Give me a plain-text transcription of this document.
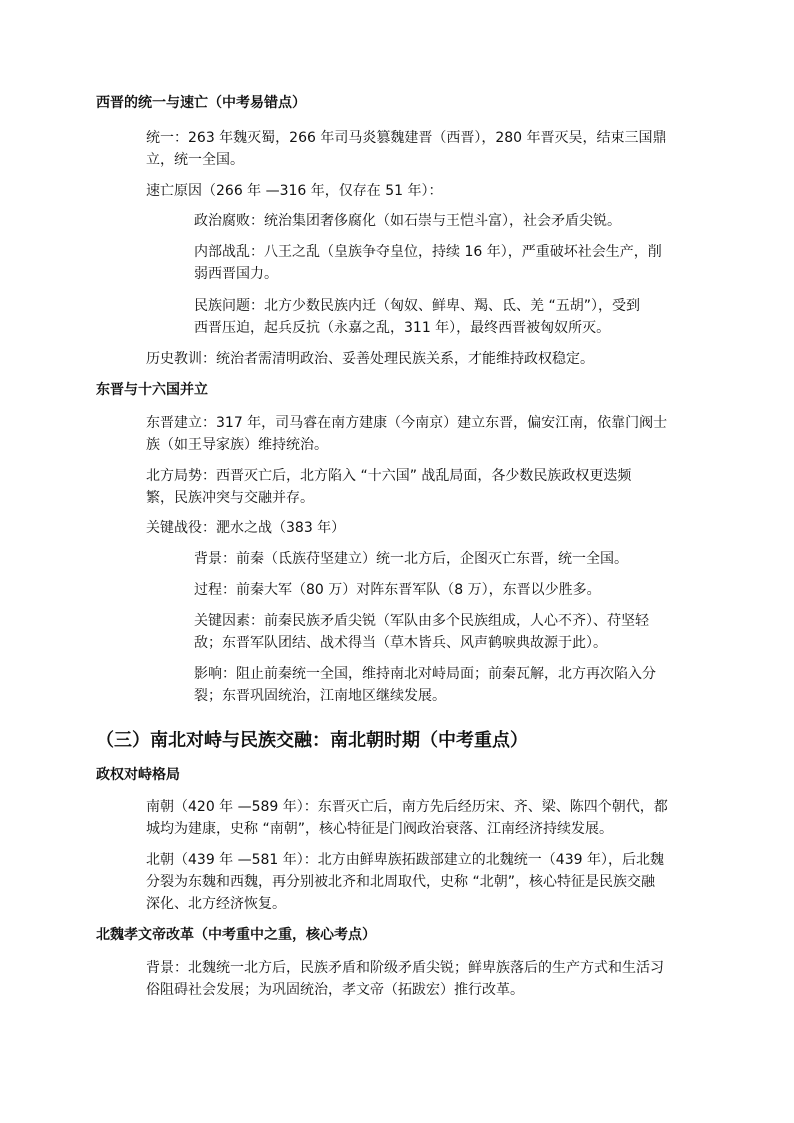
西晋的统一与速亡（中考易错点）
统一：263 年魏灭蜀，266 年司马炎篡魏建晋（西晋），280 年晋灭吴，结束三国鼎
立，统一全国。
速亡原因（266 年 —316 年，仅存在 51 年）：
政治腐败：统治集团奢侈腐化（如石崇与王恺斗富），社会矛盾尖锐。
内部战乱：八王之乱（皇族争夺皇位，持续 16 年），严重破坏社会生产，削
弱西晋国力。
民族问题：北方少数民族内迁（匈奴、鲜卑、羯、氐、羌 “五胡”），受到
西晋压迫，起兵反抗（永嘉之乱，311 年），最终西晋被匈奴所灭。
历史教训：统治者需清明政治、妥善处理民族关系，才能维持政权稳定。
东晋与十六国并立
东晋建立：317 年，司马睿在南方建康（今南京）建立东晋，偏安江南，依靠门阀士
族（如王导家族）维持统治。
北方局势：西晋灭亡后，北方陷入 “十六国” 战乱局面，各少数民族政权更迭频
繁，民族冲突与交融并存。
关键战役：淝水之战（383 年）
背景：前秦（氐族苻坚建立）统一北方后，企图灭亡东晋，统一全国。
过程：前秦大军（80 万）对阵东晋军队（8 万），东晋以少胜多。
关键因素：前秦民族矛盾尖锐（军队由多个民族组成，人心不齐）、苻坚轻
敌；东晋军队团结、战术得当（草木皆兵、风声鹤唳典故源于此）。
影响：阻止前秦统一全国，维持南北对峙局面；前秦瓦解，北方再次陷入分
裂；东晋巩固统治，江南地区继续发展。
（三）南北对峙与民族交融：南北朝时期（中考重点）
政权对峙格局
南朝（420 年 —589 年）：东晋灭亡后，南方先后经历宋、齐、梁、陈四个朝代，都
城均为建康，史称 “南朝”，核心特征是门阀政治衰落、江南经济持续发展。
北朝（439 年 —581 年）：北方由鲜卑族拓跋部建立的北魏统一（439 年），后北魏
分裂为东魏和西魏，再分别被北齐和北周取代，史称 “北朝”，核心特征是民族交融
深化、北方经济恢复。
北魏孝文帝改革（中考重中之重，核心考点）
背景：北魏统一北方后，民族矛盾和阶级矛盾尖锐；鲜卑族落后的生产方式和生活习
俗阻碍社会发展；为巩固统治，孝文帝（拓跋宏）推行改革。
